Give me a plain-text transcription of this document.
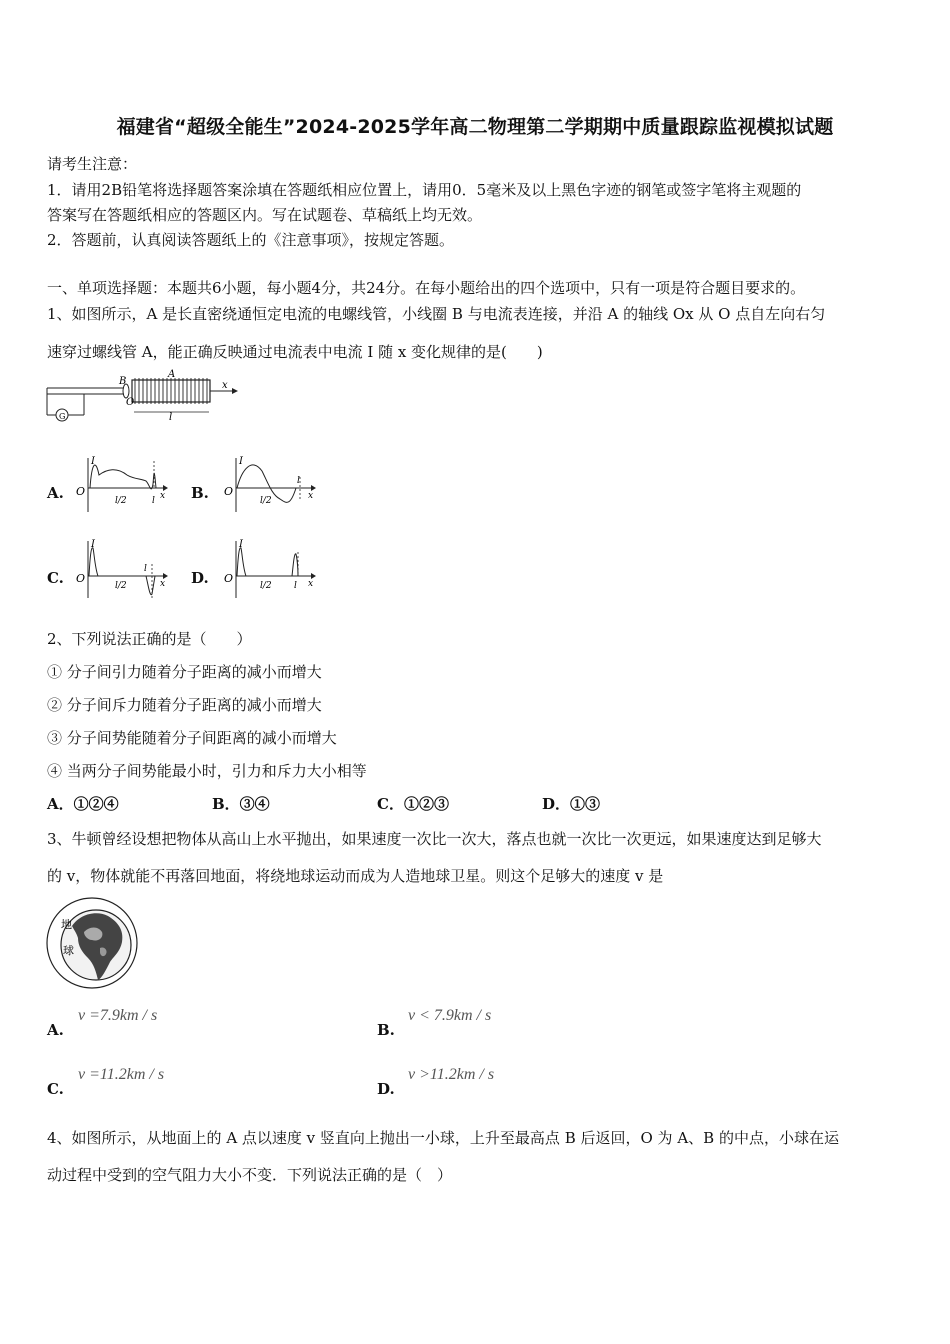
福建省“超级全能生”2024-2025学年高二物理第二学期期中质量跟踪监视模拟试题
请考生注意：
1．请用2B铅笔将选择题答案涂填在答题纸相应位置上，请用0．5毫米及以上黑色字迹的钢笔或签字笔将主观题的
答案写在答题纸相应的答题区内。写在试题卷、草稿纸上均无效。
2．答题前，认真阅读答题纸上的《注意事项》，按规定答题。
一、单项选择题：本题共6小题，每小题4分，共24分。在每小题给出的四个选项中，只有一项是符合题目要求的。
1、如图所示，A 是长直密绕通恒定电流的电螺线管，小线圈 B 与电流表连接，并沿 A 的轴线 Ox 从 O 点自左向右匀
速穿过螺线管 A，能正确反映通过电流表中电流 I 随 x 变化规律的是(　　)
B
A
O
x
l
G
A.
I
O
l/2	l x B.
I
O
l/2
l
x
C.
I
O
l/2
l
x D.
I
O
l/2 l x
2、下列说法正确的是（　　）
① 分子间引力随着分子距离的减小而增大
② 分子间斥力随着分子距离的减小而增大
③ 分子间势能随着分子间距离的减小而增大
④ 当两分子间势能最小时，引力和斥力大小相等
A．①②④	B．③④	C．①②③	D．①③
3、牛顿曾经设想把物体从高山上水平抛出，如果速度一次比一次大，落点也就一次比一次更远，如果速度达到足够大
的 v，物体就能不再落回地面，将绕地球运动而成为人造地球卫星。则这个足够大的速度 v 是
地
球
A.
v =7.9km / s
B.
v < 7.9km / s
C.
v =11.2km / s
D.
v >11.2km / s
4、如图所示，从地面上的 A 点以速度 v 竖直向上抛出一小球，上升至最高点 B 后返回，O 为 A、B 的中点，小球在运
动过程中受到的空气阻力大小不变．下列说法正确的是（　）
